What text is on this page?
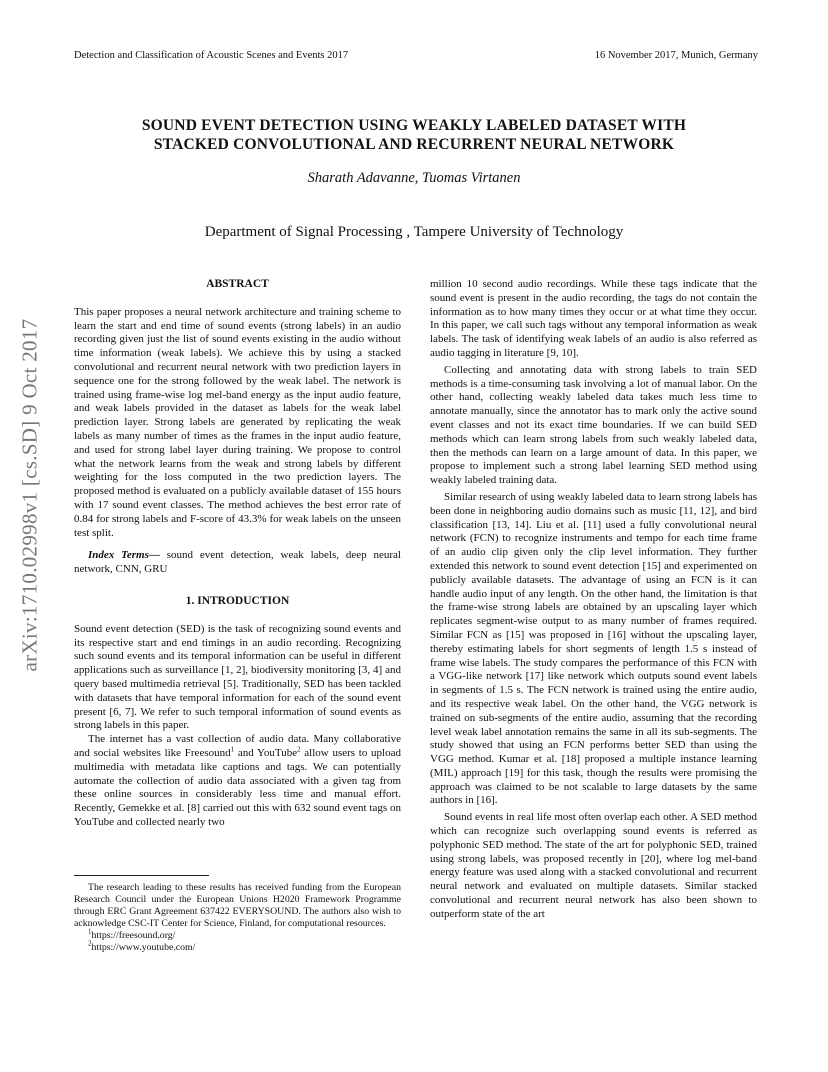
Detection and Classification of Acoustic Scenes and Events 2017	16 November 2017, Munich, Germany
SOUND EVENT DETECTION USING WEAKLY LABELED DATASET WITH
STACKED CONVOLUTIONAL AND RECURRENT NEURAL NETWORK
Sharath Adavanne, Tuomas Virtanen
Department of Signal Processing , Tampere University of Technology
arXiv:1710.02998v1 [cs.SD] 9 Oct 2017
ABSTRACT

This paper proposes a neural network architecture and training scheme to learn the start and end time of sound events (strong labels) in an audio recording given just the list of sound events existing in the audio without time information (weak labels). We achieve this by using a stacked convolutional and recurrent neural network with two prediction layers in sequence one for the strong followed by the weak label. The network is trained using frame-wise log mel-band energy as the input audio feature, and weak labels provided in the dataset as labels for the weak label prediction layer. Strong labels are generated by replicating the weak labels as many number of times as the frames in the input audio feature, and used for strong label layer during training. We propose to control what the network learns from the weak and strong labels by different weighting for the loss computed in the two prediction layers. The proposed method is evaluated on a publicly available dataset of 155 hours with 17 sound event classes. The method achieves the best error rate of 0.84 for strong labels and F-score of 43.3% for weak labels on the unseen test split.

Index Terms— sound event detection, weak labels, deep neural network, CNN, GRU

1. INTRODUCTION

Sound event detection (SED) is the task of recognizing sound events and its respective start and end timings in an audio recording. Recognizing such sound events and its temporal information can be useful in different applications such as surveillance [1, 2], biodiversity monitoring [3, 4] and query based multimedia retrieval [5]. Traditionally, SED has been tackled with datasets that have temporal information for each of the sound event present [6, 7]. We refer to such temporal information of sound events as strong labels in this paper.

The internet has a vast collection of audio data. Many collaborative and social websites like Freesound$^1$ and YouTube$^2$ allow users to upload multimedia with metadata like captions and tags. We can potentially automate the collection of audio data associated with a given tag from these online sources in considerably less time and manual effort. Recently, Gemekke et al. [8] carried out this with 632 sound event tags on YouTube and collected nearly two

The research leading to these results has received funding from the European Research Council under the European Unions H2020 Framework Programme through ERC Grant Agreement 637422 EVERYSOUND. The authors also wish to acknowledge CSC-IT Center for Science, Finland, for computational resources.

$^1$https://freesound.org/

$^2$https://www.youtube.com/

million 10 second audio recordings. While these tags indicate that the sound event is present in the audio recording, the tags do not contain the information as to how many times they occur or at what time they occur. In this paper, we call such tags without any temporal information as weak labels. The task of identifying weak labels of an audio is also referred as audio tagging in literature [9, 10].

Collecting and annotating data with strong labels to train SED methods is a time-consuming task involving a lot of manual labor. On the other hand, collecting weakly labeled data takes much less time to annotate manually, since the annotator has to mark only the active sound event classes and not its exact time boundaries. If we can build SED methods which can learn strong labels from such weakly labeled data, then the methods can learn on a large amount of data. In this paper, we propose to implement such a strong label learning SED method using weakly labeled training data.

Similar research of using weakly labeled data to learn strong labels has been done in neighboring audio domains such as music [11, 12], and bird classification [13, 14]. Liu et al. [11] used a fully convolutional neural network (FCN) to recognize instruments and tempo for each time frame of an audio clip given only the clip level information. They further extended this network to sound event detection [15] and experimented on publicly available datasets. The advantage of using an FCN is it can handle audio input of any length. On the other hand, the limitation is that the frame-wise strong labels are obtained by an upscaling layer which replicates segment-wise output to as many number of frames required. Similar FCN as [15] was proposed in [16] without the upscaling layer, thereby estimating labels for short segments of length 1.5 s instead of frame wise labels. The study compares the performance of this FCN with a VGG-like network [17] like network which outputs sound event labels in segments of 1.5 s. The FCN network is trained using the entire audio, and its respective weak label. On the other hand, the VGG network is trained on sub-segments of the entire audio, assuming that the recording level weak label annotation remains the same in all its sub-segments. The study showed that using an FCN performs better SED than using the VGG method. Kumar et al. [18] proposed a multiple instance learning (MIL) approach [19] for this task, though the results were promising the approach was claimed to be not scalable to large datasets by the same authors in [16].

Sound events in real life most often overlap each other. A SED method which can recognize such overlapping sound events is referred as polyphonic SED method. The state of the art for polyphonic SED, trained using strong labels, was proposed recently in [20], where log mel-band energy feature was used along with a stacked convolutional and recurrent neural network and evaluated on multiple datasets. Similar stacked convolutional and recurrent neural network has also been shown to outperform state of the art
